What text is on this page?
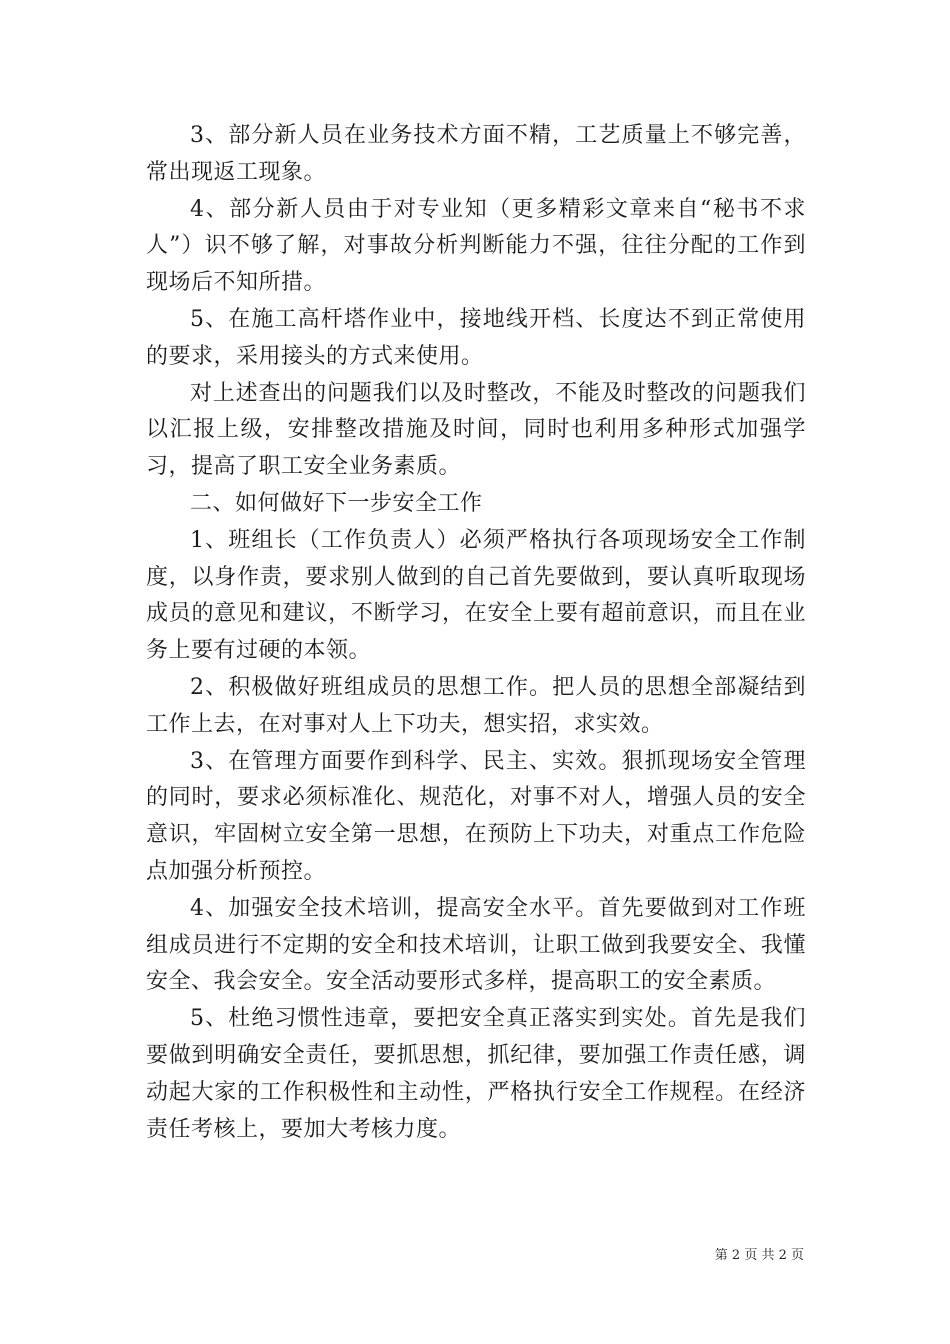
3、部分新人员在业务技术方面不精，工艺质量上不够完善，常出现返工现象。

4、部分新人员由于对专业知（更多精彩文章来自“秘书不求人”）识不够了解，对事故分析判断能力不强，往往分配的工作到现场后不知所措。

5、在施工高杆塔作业中，接地线开档、长度达不到正常使用的要求，采用接头的方式来使用。

对上述查出的问题我们以及时整改，不能及时整改的问题我们以汇报上级，安排整改措施及时间，同时也利用多种形式加强学习，提高了职工安全业务素质。

二、如何做好下一步安全工作

1、班组长（工作负责人）必须严格执行各项现场安全工作制度，以身作责，要求别人做到的自己首先要做到，要认真听取现场成员的意见和建议，不断学习，在安全上要有超前意识，而且在业务上要有过硬的本领。

2、积极做好班组成员的思想工作。把人员的思想全部凝结到工作上去，在对事对人上下功夫，想实招，求实效。

3、在管理方面要作到科学、民主、实效。狠抓现场安全管理的同时，要求必须标准化、规范化，对事不对人，增强人员的安全意识，牢固树立安全第一思想，在预防上下功夫，对重点工作危险点加强分析预控。

4、加强安全技术培训，提高安全水平。首先要做到对工作班组成员进行不定期的安全和技术培训，让职工做到我要安全、我懂安全、我会安全。安全活动要形式多样，提高职工的安全素质。

5、杜绝习惯性违章，要把安全真正落实到实处。首先是我们要做到明确安全责任，要抓思想，抓纪律，要加强工作责任感，调动起大家的工作积极性和主动性，严格执行安全工作规程。在经济责任考核上，要加大考核力度。

第 2 页 共 2 页
